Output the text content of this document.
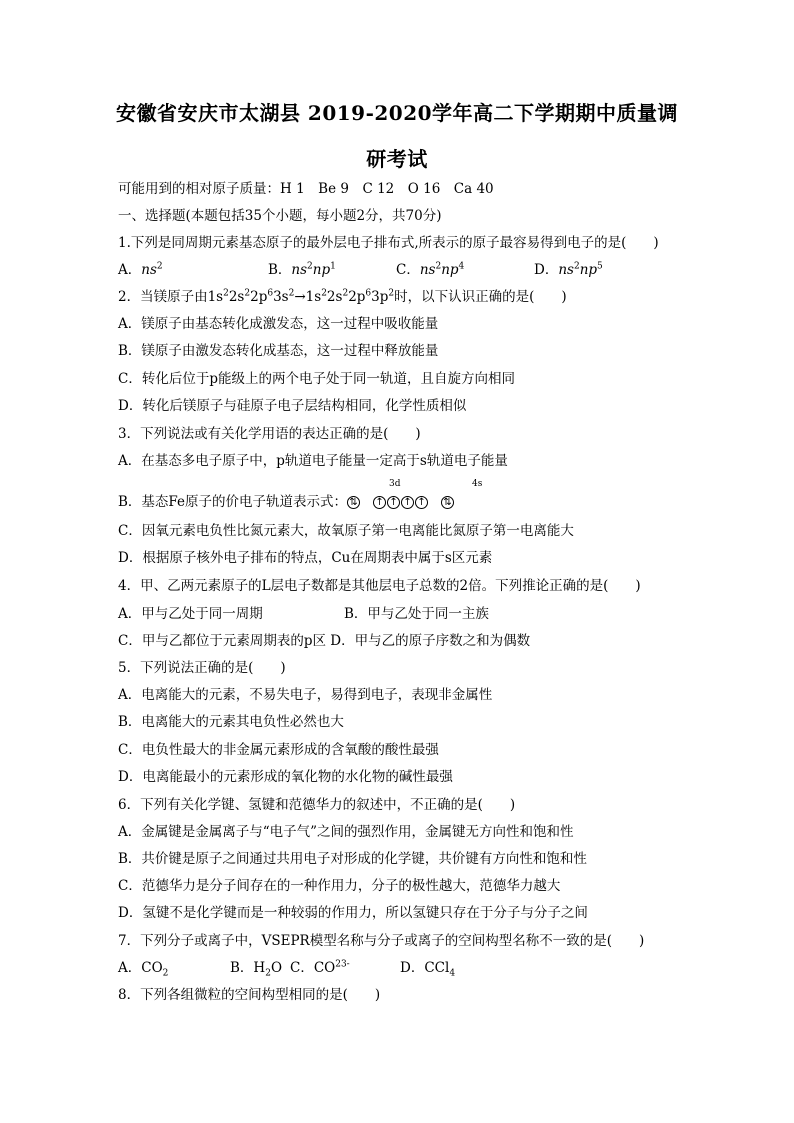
安徽省安庆市太湖县 2019-2020学年高二下学期期中质量调
研考试
可能用到的相对原子质量：H 1　Be 9　C 12　O 16　Ca 40
一、选择题(本题包括35个小题，每小题2分，共70分)
1.下列是同周期元素基态原子的最外层电子排布式,所表示的原子最容易得到电子的是(　　)
A．$ns^2$	B．$ns^2np^1$	C．$ns^2np^4$	D．$ns^2np^5$
2．当镁原子由$1s^22s^22p^63s^2\to 1s^22s^22p^63p^2$时，以下认识正确的是(　　)
A．镁原子由基态转化成激发态，这一过程中吸收能量
B．镁原子由激发态转化成基态，这一过程中释放能量
C．转化后位于p能级上的两个电子处于同一轨道，且自旋方向相同
D．转化后镁原子与硅原子电子层结构相同，化学性质相似
3．下列说法或有关化学用语的表达正确的是(　　)
A．在基态多电子原子中，p轨道电子能量一定高于s轨道电子能量
3d	4s
B．基态Fe原子的价电子轨道表示式： ⇅ ↑ ↑ ↑ ↑ ⇅
C．因氧元素电负性比氮元素大，故氧原子第一电离能比氮原子第一电离能大
D．根据原子核外电子排布的特点，Cu在周期表中属于s区元素
4．甲、乙两元素原子的L层电子数都是其他层电子总数的2倍。下列推论正确的是(　　)
A．甲与乙处于同一周期	B．甲与乙处于同一主族
C．甲与乙都位于元素周期表的p区 D．甲与乙的原子序数之和为偶数
5．下列说法正确的是(　　)
A．电离能大的元素，不易失电子，易得到电子，表现非金属性
B．电离能大的元素其电负性必然也大
C．电负性最大的非金属元素形成的含氧酸的酸性最强
D．电离能最小的元素形成的氧化物的水化物的碱性最强
6．下列有关化学键、氢键和范德华力的叙述中，不正确的是(　　)
A．金属键是金属离子与“电子气”之间的强烈作用，金属键无方向性和饱和性
B．共价键是原子之间通过共用电子对形成的化学键，共价键有方向性和饱和性
C．范德华力是分子间存在的一种作用力，分子的极性越大，范德华力越大
D．氢键不是化学键而是一种较弱的作用力，所以氢键只存在于分子与分子之间
7．下列分子或离子中，VSEPR模型名称与分子或离子的空间构型名称不一致的是(　　)
A．$CO_2$	B．$H_2O$ C．$CO^{23-}$	D．CCl$_4$
8．下列各组微粒的空间构型相同的是(　　)
